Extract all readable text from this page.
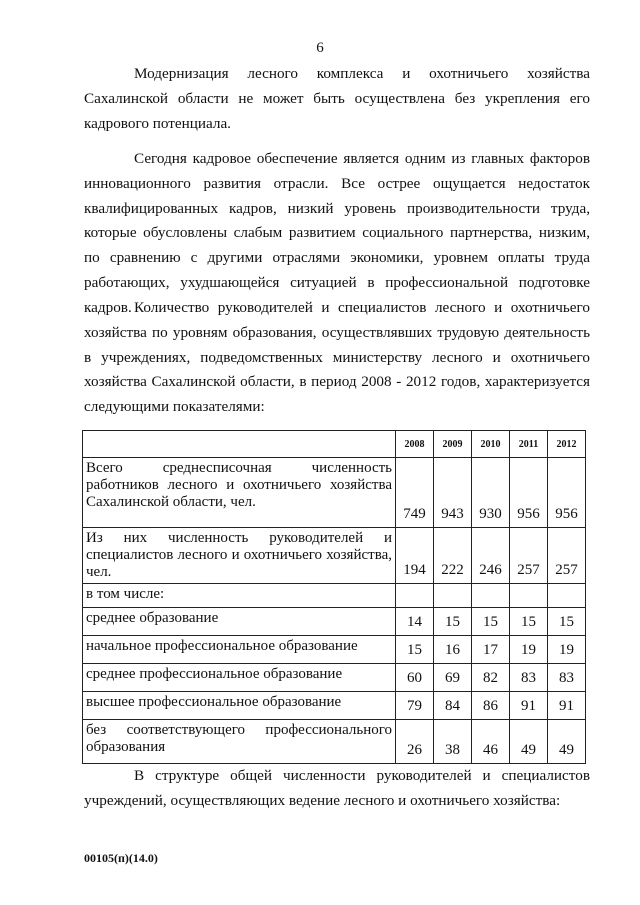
6

Модернизация лесного комплекса и охотничьего хозяйства Сахалинской области не может быть осуществлена без укрепления его кадрового потенциала.

Сегодня кадровое обеспечение является одним из главных факторов инновационного развития отрасли. Все острее ощущается недостаток квалифицированных кадров, низкий уровень производительности труда, которые обусловлены слабым развитием социального партнерства, низким, по сравнению с другими отраслями экономики, уровнем оплаты труда работающих, ухудшающейся ситуацией в профессиональной подготовке кадров. Количество руководителей и специалистов лесного и охотничьего хозяйства по уровням образования, осуществлявших трудовую деятельность в учреждениях, подведомственных министерству лесного и охотничьего хозяйства Сахалинской области, в период 2008 - 2012 годов, характеризуется следующими показателями:

	2008	2009	2010	2011	2012
Всего среднесписочная численность работников лесного и охотничьего хозяйства Сахалинской области, чел.	749	943	930	956	956
Из них численность руководителей и специалистов лесного и охотничьего хозяйства, чел.	194	222	246	257	257
в том числе:					
среднее образование	14	15	15	15	15
начальное профессиональное образование	15	16	17	19	19
среднее профессиональное образование	60	69	82	83	83
высшее профессиональное образование	79	84	86	91	91
без соответствующего профессионального образования	26	38	46	49	49

В структуре общей численности руководителей и специалистов учреждений, осуществляющих ведение лесного и охотничьего хозяйства:

00105(п)(14.0)
